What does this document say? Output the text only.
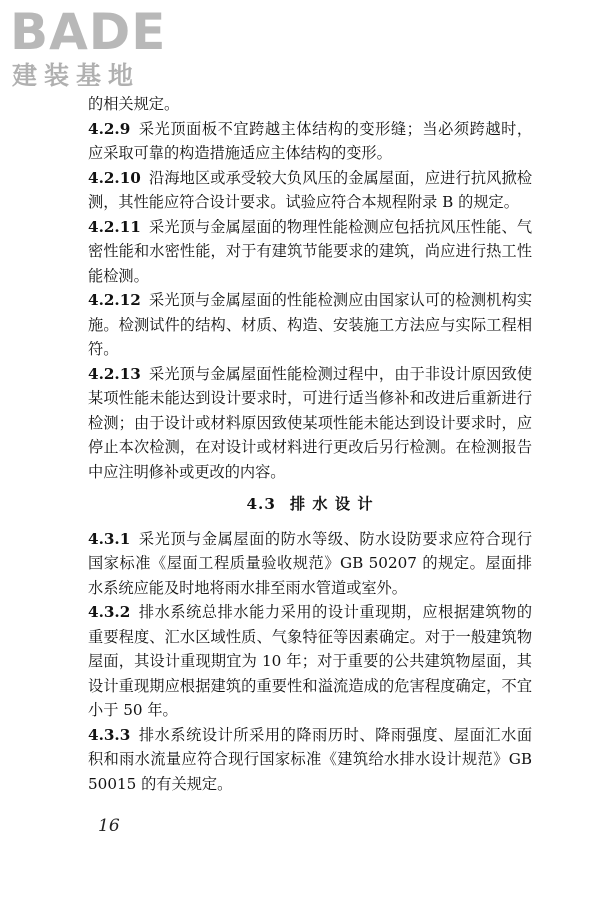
BADE
建装基地

的相关规定。

4.2.9 采光顶面板不宜跨越主体结构的变形缝；当必须跨越时，应采取可靠的构造措施适应主体结构的变形。

4.2.10 沿海地区或承受较大负风压的金属屋面，应进行抗风掀检测，其性能应符合设计要求。试验应符合本规程附录 B 的规定。

4.2.11 采光顶与金属屋面的物理性能检测应包括抗风压性能、气密性能和水密性能，对于有建筑节能要求的建筑，尚应进行热工性能检测。

4.2.12 采光顶与金属屋面的性能检测应由国家认可的检测机构实施。检测试件的结构、材质、构造、安装施工方法应与实际工程相符。

4.2.13 采光顶与金属屋面性能检测过程中，由于非设计原因致使某项性能未能达到设计要求时，可进行适当修补和改进后重新进行检测；由于设计或材料原因致使某项性能未能达到设计要求时，应停止本次检测，在对设计或材料进行更改后另行检测。在检测报告中应注明修补或更改的内容。

4.3 排 水 设 计

4.3.1 采光顶与金属屋面的防水等级、防水设防要求应符合现行国家标准《屋面工程质量验收规范》GB 50207 的规定。屋面排水系统应能及时地将雨水排至雨水管道或室外。

4.3.2 排水系统总排水能力采用的设计重现期，应根据建筑物的重要程度、汇水区域性质、气象特征等因素确定。对于一般建筑物屋面，其设计重现期宜为 10 年；对于重要的公共建筑物屋面，其设计重现期应根据建筑的重要性和溢流造成的危害程度确定，不宜小于 50 年。

4.3.3 排水系统设计所采用的降雨历时、降雨强度、屋面汇水面积和雨水流量应符合现行国家标准《建筑给水排水设计规范》GB 50015 的有关规定。

16
